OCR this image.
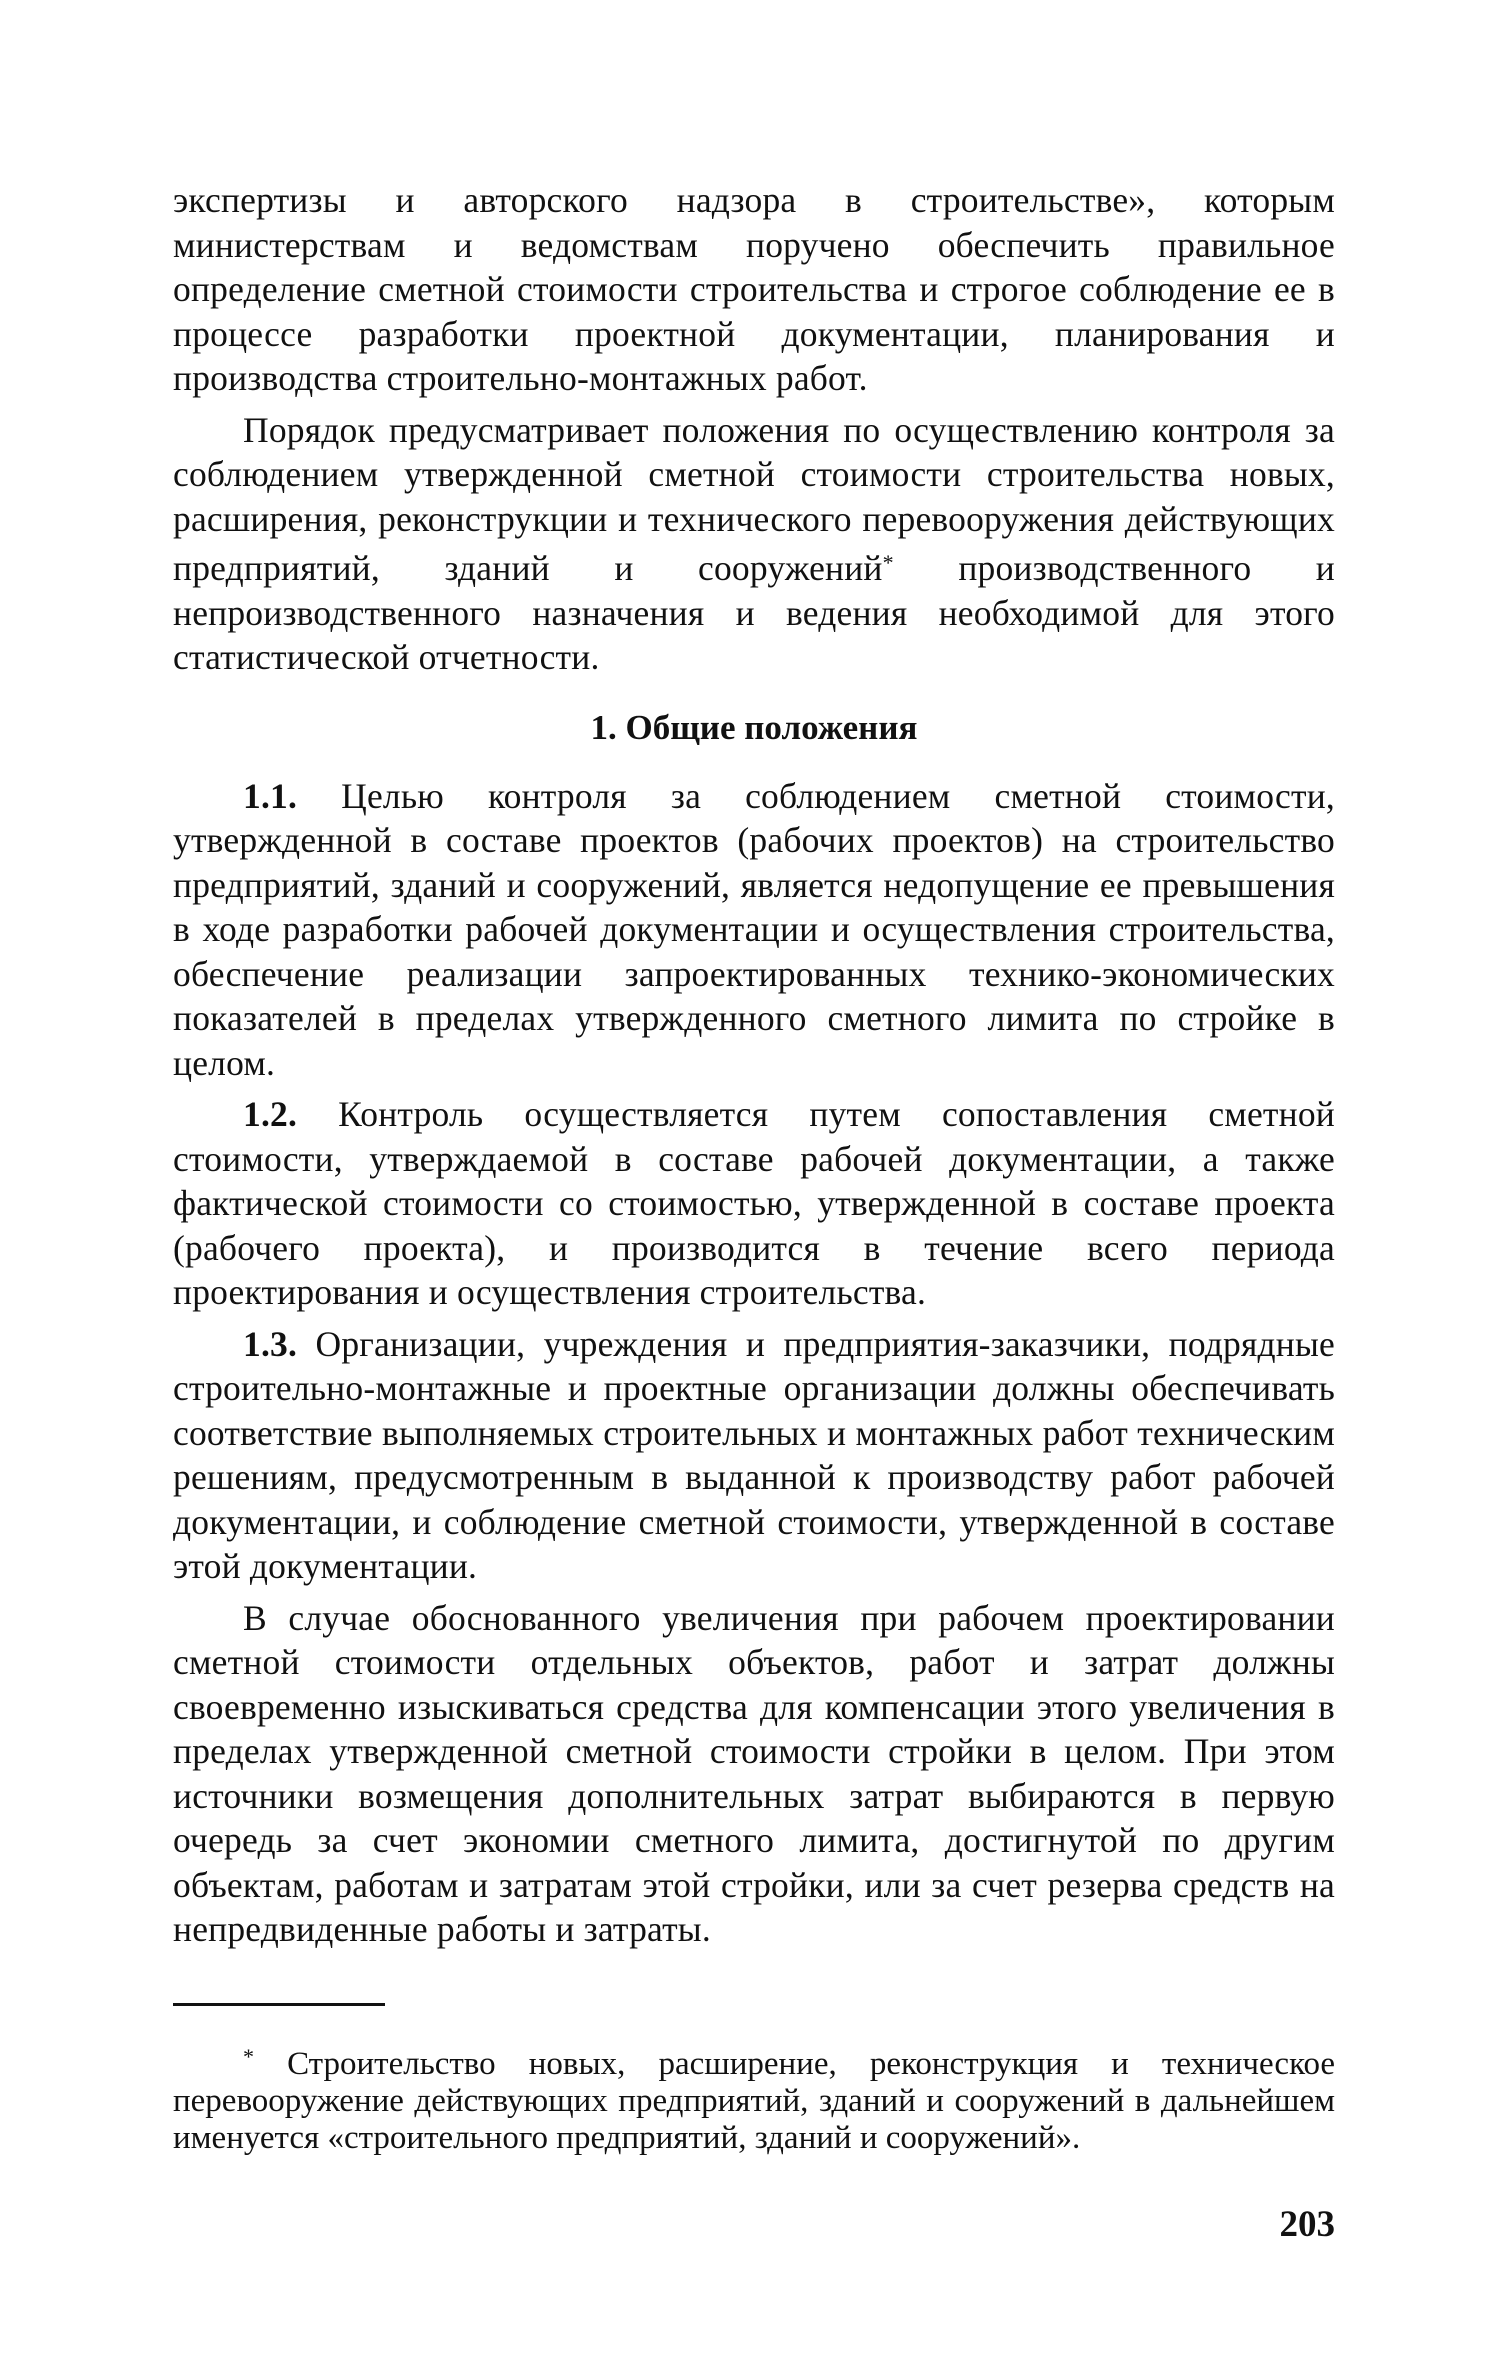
экспертизы и авторского надзора в строительстве», которым министерствам и ведомствам поручено обеспечить правильное определение сметной стоимости строительства и строгое соблюдение ее в процессе разработки проектной документации, планирования и производства строительно-монтажных работ.

Порядок предусматривает положения по осуществлению контроля за соблюдением утвержденной сметной стоимости строительства новых, расширения, реконструкции и технического перевооружения действующих предприятий, зданий и сооружений* производственного и непроизводственного назначения и ведения необходимой для этого статистической отчетности.

1. Общие положения

1.1. Целью контроля за соблюдением сметной стоимости, утвержденной в составе проектов (рабочих проектов) на строительство предприятий, зданий и сооружений, является недопущение ее превышения в ходе разработки рабочей документации и осуществления строительства, обеспечение реализации запроектированных технико-экономических показателей в пределах утвержденного сметного лимита по стройке в целом.

1.2. Контроль осуществляется путем сопоставления сметной стоимости, утверждаемой в составе рабочей документации, а также фактической стоимости со стоимостью, утвержденной в составе проекта (рабочего проекта), и производится в течение всего периода проектирования и осуществления строительства.

1.3. Организации, учреждения и предприятия-заказчики, подрядные строительно-монтажные и проектные организации должны обеспечивать соответствие выполняемых строительных и монтажных работ техническим решениям, предусмотренным в выданной к производству работ рабочей документации, и соблюдение сметной стоимости, утвержденной в составе этой документации.

В случае обоснованного увеличения при рабочем проектировании сметной стоимости отдельных объектов, работ и затрат должны своевременно изыскиваться средства для компенсации этого увеличения в пределах утвержденной сметной стоимости стройки в целом. При этом источники возмещения дополнительных затрат выбираются в первую очередь за счет экономии сметного лимита, достигнутой по другим объектам, работам и затратам этой стройки, или за счет резерва средств на непредвиденные работы и затраты.

* Строительство новых, расширение, реконструкция и техническое перевооружение действующих предприятий, зданий и сооружений в дальнейшем именуется «строительного предприятий, зданий и сооружений».

203
